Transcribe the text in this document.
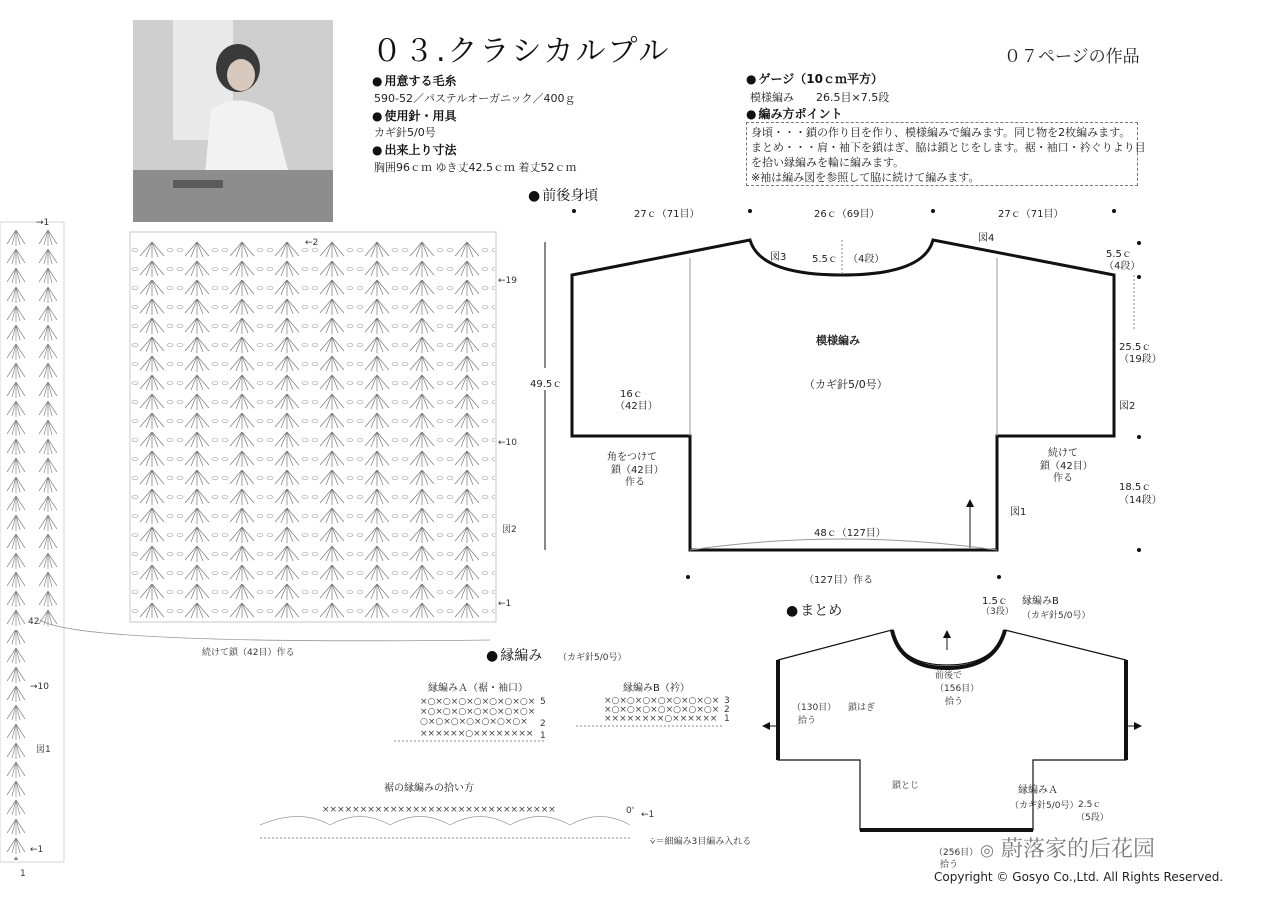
０３.クラシカルプル	０７ページの作品
● 用意する毛糸
590-52／パステルオーガニック／400ｇ
● 使用針・用具
カギ針5/0号
● 出来上り寸法
胸囲96ｃｍ ゆき丈42.5ｃｍ 着丈52ｃｍ
● ゲージ（10ｃｍ平方）
模様編み　　26.5目×7.5段
● 編み方ポイント
身頃・・・鎖の作り目を作り、模様編みで編みます。同じ物を2枚編みます。
まとめ・・・肩・袖下を鎖はぎ、脇は鎖とじをします。裾・袖口・衿ぐりより目
を拾い縁編みを輪に編みます。
※袖は編み図を参照して脇に続けて編みます。
● 前後身頃
27ｃ（71目）	26ｃ（69目）	27ｃ（71目）
図3
図4
5.5ｃ （4段）	5.5ｃ
（4段）
25.5ｃ
（19段）
図2
18.5ｃ
（14段）
図1
49.5ｃ
模様編み
（カギ針5/0号）
16ｃ
（42目）
角をつけて
鎖（42目）
作る
続けて
鎖（42目）
作る
48ｃ（127目）
（127目）作る
×○×○×○×○×○×○×○×
×○×○×○×○×○×○×○×
○×○×○×○×○×○×○×
××××××○××××××××
×○×○×○×○×○×○×○×
×○×○×○×○×○×○×○×
××××××××○××××××
×××××××××××××××××××××××××××××××
←19
←10
←1
図2
42
→10
図1
←1
1
→1
←2
続けて鎖（42目）作る
●	縁編み （カギ針5/0号）
縁編みＡ（裾・袖口）	縁編みB（衿）
5
2
1
3
2
1
裾の縁編みの拾い方
0' ←1
⩒＝細編み3目編み入れる
● まとめ
縁編みB
（カギ針5/0号）
1.5ｃ
（3段）
前後で
（156目）
拾う
（130目）
拾う
鎖はぎ
鎖とじ	縁編みＡ
（カギ針5/0号） 2.5ｃ
（5段）
（256目）
拾う
◎ 蔚落家的后花园
Copyright © Gosyo Co.,Ltd. All Rights Reserved.
